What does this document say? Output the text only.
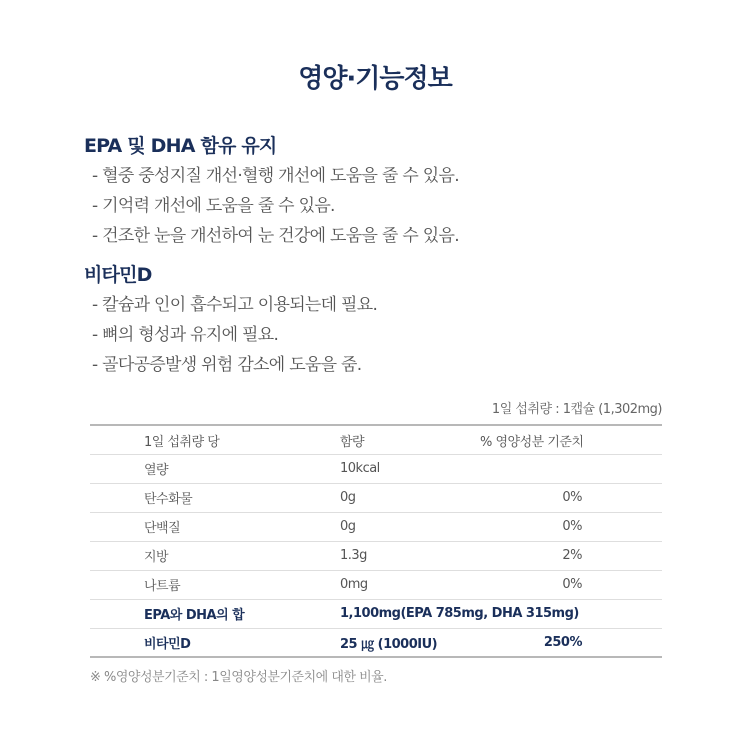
영양·기능정보
EPA 및 DHA 함유 유지
- 혈중 중성지질 개선·혈행 개선에 도움을 줄 수 있음.
- 기억력 개선에 도움을 줄 수 있음.
- 건조한 눈을 개선하여 눈 건강에 도움을 줄 수 있음.
비타민D
- 칼슘과 인이 흡수되고 이용되는데 필요.
- 뼈의 형성과 유지에 필요.
- 골다공증발생 위험 감소에 도움을 줌.
1일 섭취량 : 1캡슐 (1,302mg)
1일 섭취량 당	함량	% 영양성분 기준치
열량	10kcal	
탄수화물	0g	0%
단백질	0g	0%
지방	1.3g	2%
나트륨	0mg	0%
EPA와 DHA의 합	1,100mg(EPA 785mg, DHA 315mg)	
비타민D	25 ㎍ (1000IU)	250%
※ %영양성분기준치 : 1일영양성분기준치에 대한 비율.
